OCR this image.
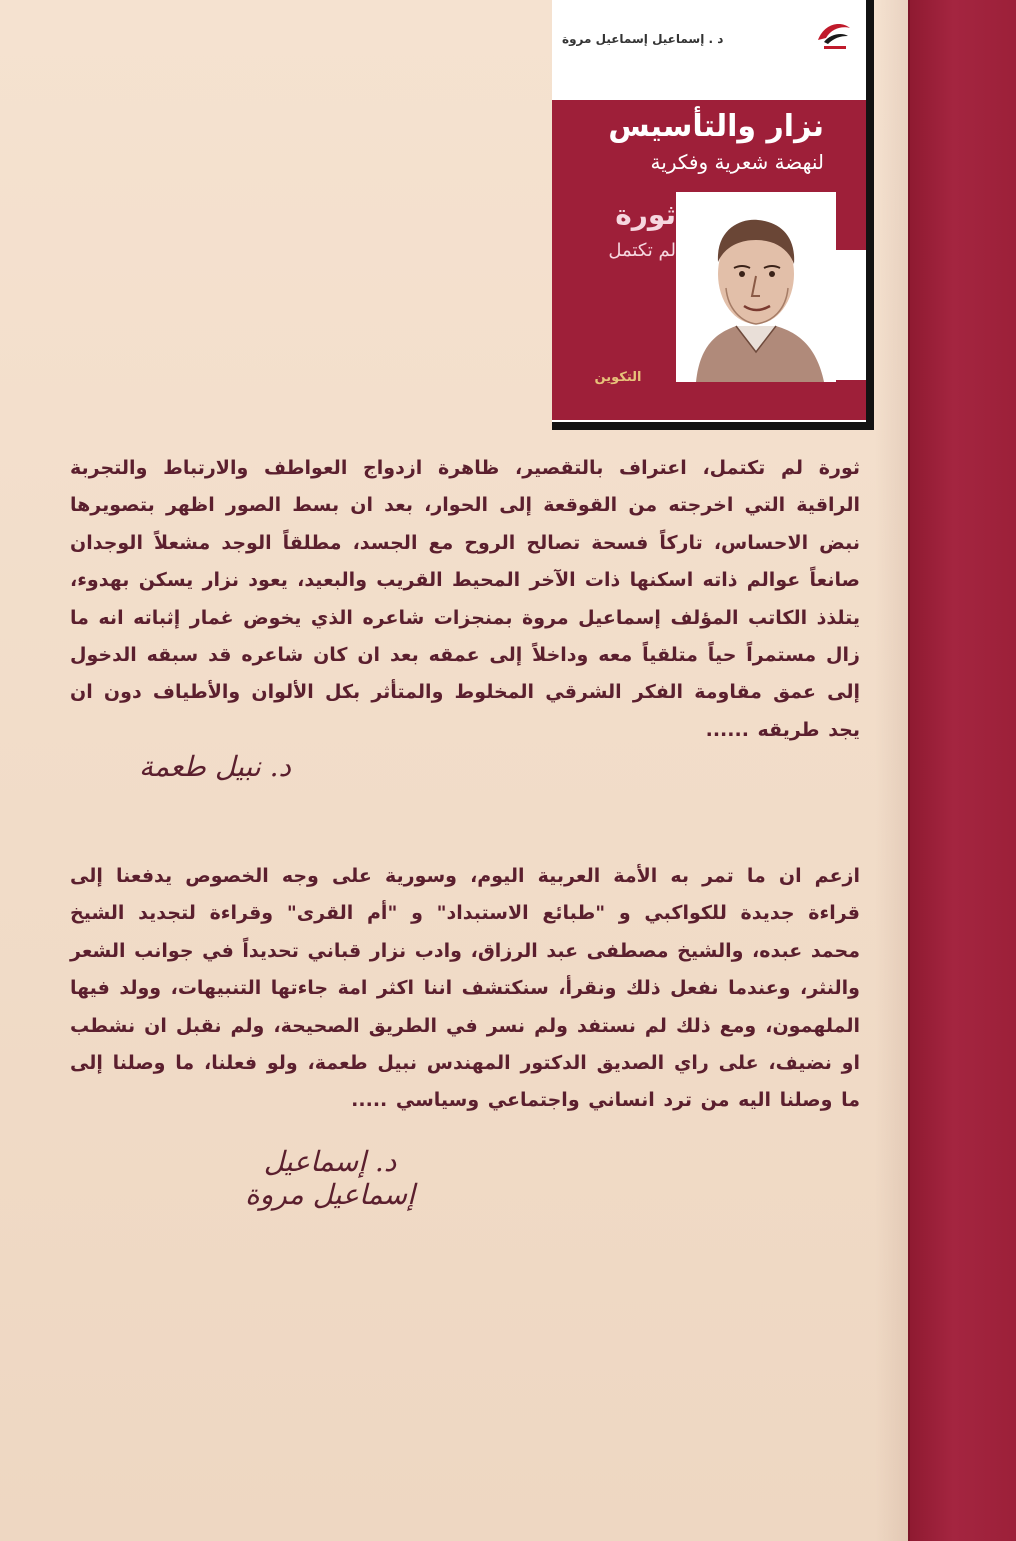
د . إسماعيل إسماعيل مروة
نزار والتأسيس
لنهضة شعرية وفكرية
ثورة
لم تكتمل
التكوين
ثورة لم تكتمل، اعتراف بالتقصير، ظاهرة ازدواج العواطف والارتباط والتجربة الراقية التي اخرجته من القوقعة إلى الحوار، بعد ان بسط الصور اظهر بتصويرها نبض الاحساس، تاركاً فسحة تصالح الروح مع الجسد، مطلقاً الوجد مشعلاً الوجدان صانعاً عوالم ذاته اسكنها ذات الآخر المحيط القريب والبعيد، يعود نزار يسكن بهدوء، يتلذذ الكاتب المؤلف إسماعيل مروة بمنجزات شاعره الذي يخوض غمار إثباته انه ما زال مستمراً حياً متلقياً معه وداخلاً إلى عمقه بعد ان كان شاعره قد سبقه الدخول إلى عمق مقاومة الفكر الشرقي المخلوط والمتأثر بكل الألوان والأطياف دون ان يجد طريقه ......
د. نبيل طعمة
ازعم ان ما تمر به الأمة العربية اليوم، وسورية على وجه الخصوص يدفعنا إلى قراءة جديدة للكواكبي و "طبائع الاستبداد" و "أم القرى" وقراءة لتجديد الشيخ محمد عبده، والشيخ مصطفى عبد الرزاق، وادب نزار قباني تحديداً في جوانب الشعر والنثر، وعندما نفعل ذلك ونقرأ، سنكتشف اننا اكثر امة جاءتها التنبيهات، وولد فيها الملهمون، ومع ذلك لم نستفد ولم نسر في الطريق الصحيحة، ولم نقبل ان نشطب او نضيف، على راي الصديق الدكتور المهندس نبيل طعمة، ولو فعلنا، ما وصلنا إلى ما وصلنا اليه من ترد انساني واجتماعي وسياسي .....
د. إسماعيل إسماعيل مروة
